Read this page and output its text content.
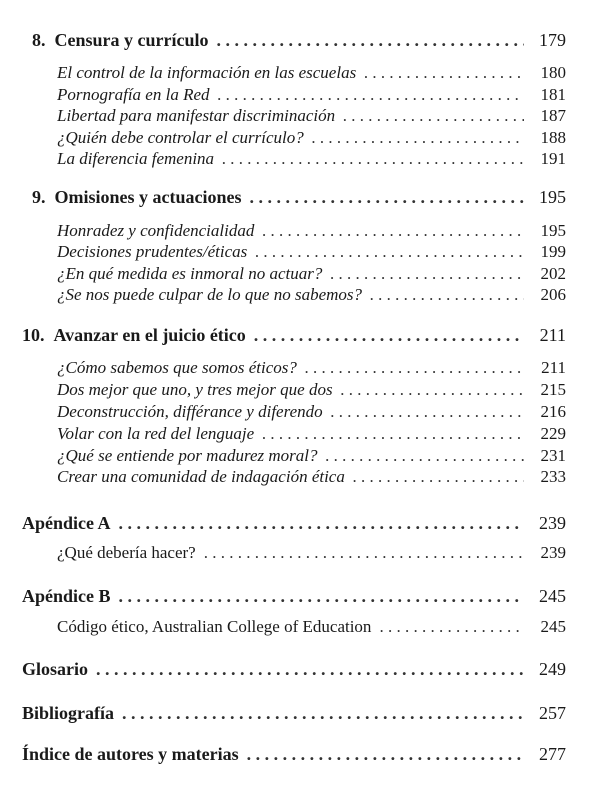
8. Censura y currículo . . .	179
El control de la información en las escuelas . . .	180
Pornografía en la Red . . .	181
Libertad para manifestar discriminación . . .	187
¿Quién debe controlar el currículo? . . .	188
La diferencia femenina . . .	191
9. Omisiones y actuaciones . . .	195
Honradez y confidencialidad . . .	195
Decisiones prudentes/éticas . . .	199
¿En qué medida es inmoral no actuar? . . .	202
¿Se nos puede culpar de lo que no sabemos? . . .	206
10. Avanzar en el juicio ético . . .	211
¿Cómo sabemos que somos éticos? . . .	211
Dos mejor que uno, y tres mejor que dos . . .	215
Deconstrucción, différance y diferendo . . .	216
Volar con la red del lenguaje . . .	229
¿Qué se entiende por madurez moral? . . .	231
Crear una comunidad de indagación ética . . .	233
Apéndice A . . .	239
¿Qué debería hacer? . . .	239
Apéndice B . . .	245
Código ético, Australian College of Education . . .	245
Glosario . . .	249
Bibliografía . . .	257
Índice de autores y materias . . .	277
